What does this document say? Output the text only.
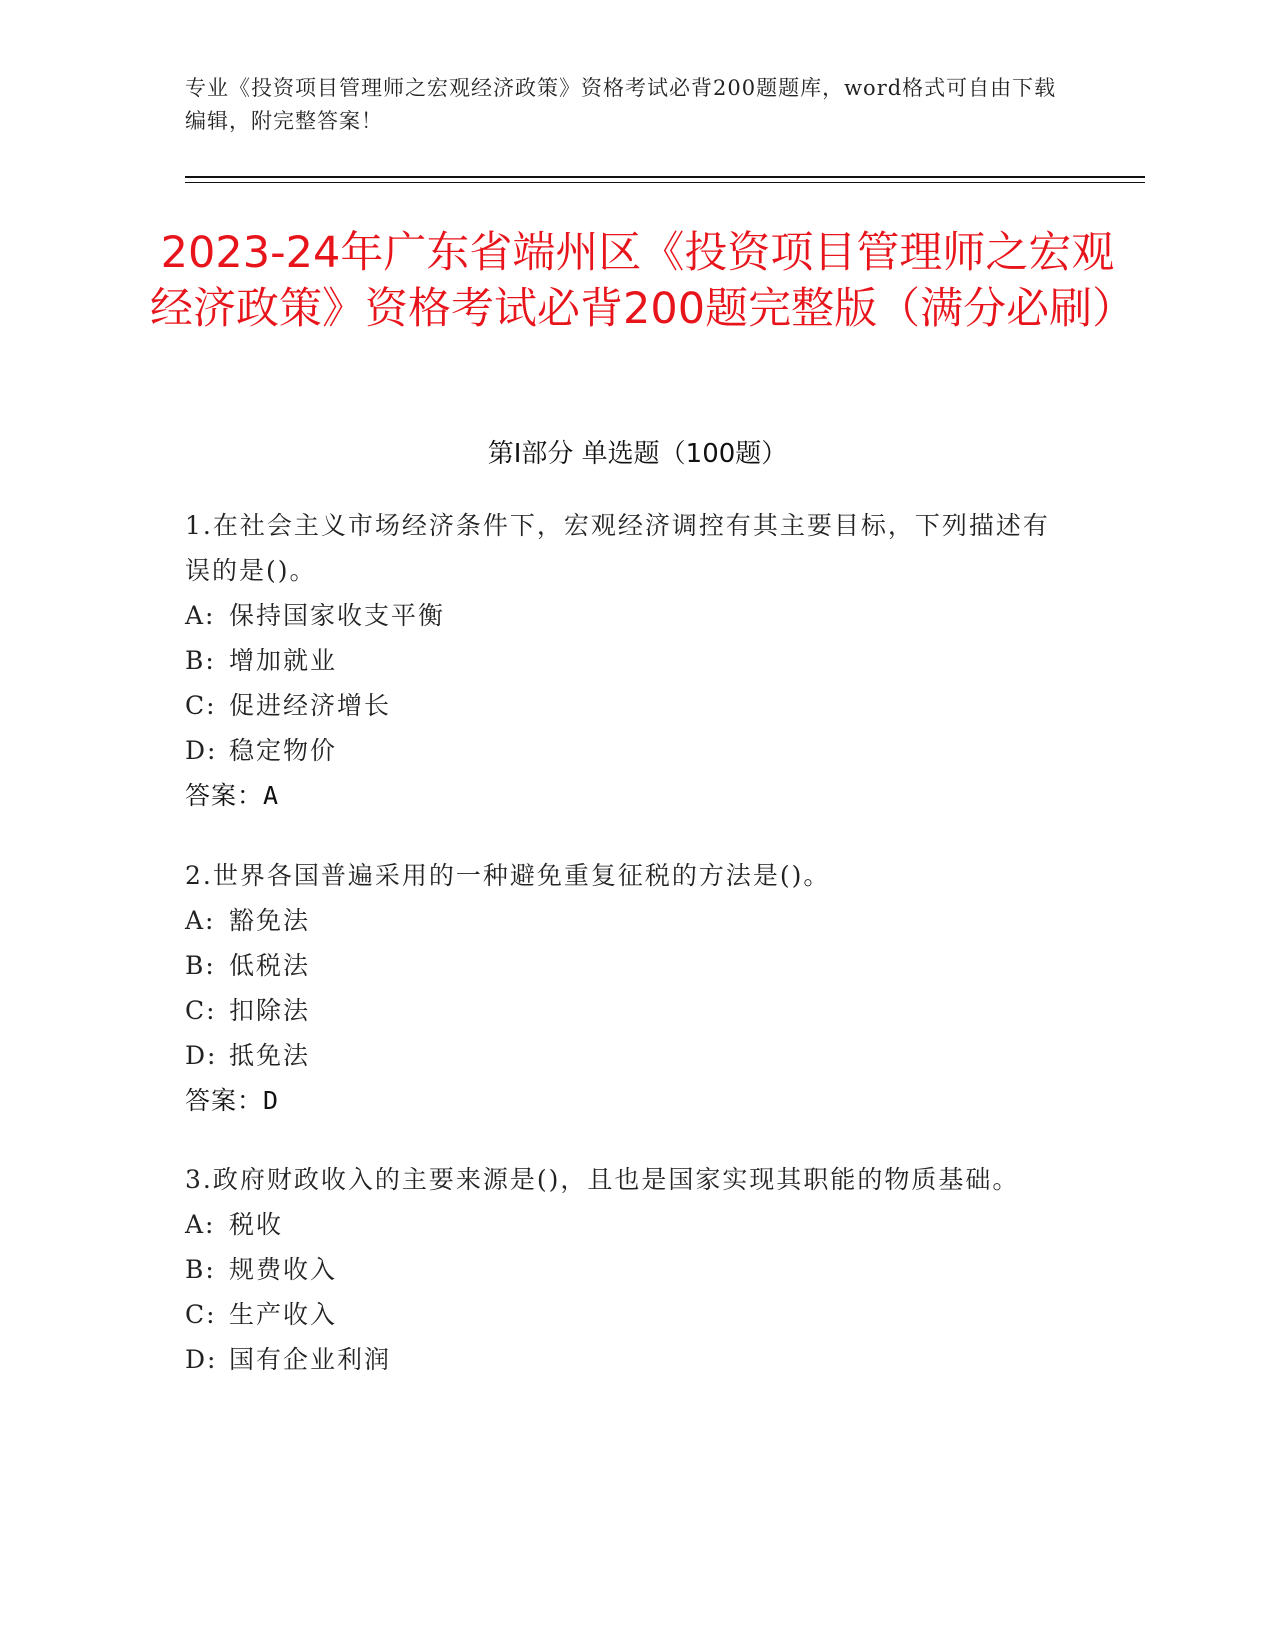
专业《投资项目管理师之宏观经济政策》资格考试必背200题题库，word格式可自由下载编辑，附完整答案！
2023-24年广东省端州区《投资项目管理师之宏观经济政策》资格考试必背200题完整版（满分必刷）
第Ⅰ部分 单选题（100题）
1.在社会主义市场经济条件下，宏观经济调控有其主要目标，下列描述有误的是()。
A: 保持国家收支平衡
B: 增加就业
C: 促进经济增长
D: 稳定物价
答案：A
2.世界各国普遍采用的一种避免重复征税的方法是()。
A: 豁免法
B: 低税法
C: 扣除法
D: 抵免法
答案：D
3.政府财政收入的主要来源是()，且也是国家实现其职能的物质基础。
A: 税收
B: 规费收入
C: 生产收入
D: 国有企业利润
